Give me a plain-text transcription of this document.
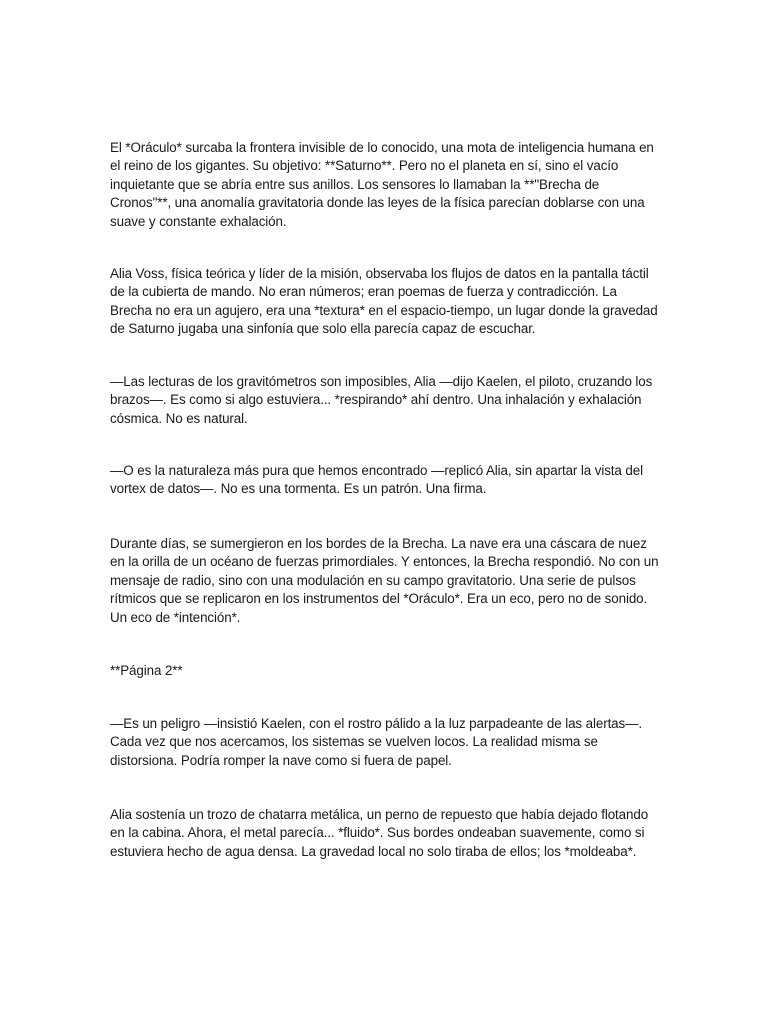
El *Oráculo* surcaba la frontera invisible de lo conocido, una mota de inteligencia humana en el reino de los gigantes. Su objetivo: **Saturno**. Pero no el planeta en sí, sino el vacío inquietante que se abría entre sus anillos. Los sensores lo llamaban la **"Brecha de Cronos"**, una anomalía gravitatoria donde las leyes de la física parecían doblarse con una suave y constante exhalación.

Alia Voss, física teórica y líder de la misión, observaba los flujos de datos en la pantalla táctil de la cubierta de mando. No eran números; eran poemas de fuerza y contradicción. La Brecha no era un agujero, era una *textura* en el espacio-tiempo, un lugar donde la gravedad de Saturno jugaba una sinfonía que solo ella parecía capaz de escuchar.

—Las lecturas de los gravitómetros son imposibles, Alia —dijo Kaelen, el piloto, cruzando los brazos—. Es como si algo estuviera... *respirando* ahí dentro. Una inhalación y exhalación cósmica. No es natural.

—O es la naturaleza más pura que hemos encontrado —replicó Alia, sin apartar la vista del vortex de datos—. No es una tormenta. Es un patrón. Una firma.

Durante días, se sumergieron en los bordes de la Brecha. La nave era una cáscara de nuez en la orilla de un océano de fuerzas primordiales. Y entonces, la Brecha respondió. No con un mensaje de radio, sino con una modulación en su campo gravitatorio. Una serie de pulsos rítmicos que se replicaron en los instrumentos del *Oráculo*. Era un eco, pero no de sonido. Un eco de *intención*.

**Página 2**

—Es un peligro —insistió Kaelen, con el rostro pálido a la luz parpadeante de las alertas—. Cada vez que nos acercamos, los sistemas se vuelven locos. La realidad misma se distorsiona. Podría romper la nave como si fuera de papel.

Alia sostenía un trozo de chatarra metálica, un perno de repuesto que había dejado flotando en la cabina. Ahora, el metal parecía... *fluido*. Sus bordes ondeaban suavemente, como si estuviera hecho de agua densa. La gravedad local no solo tiraba de ellos; los *moldeaba*.
